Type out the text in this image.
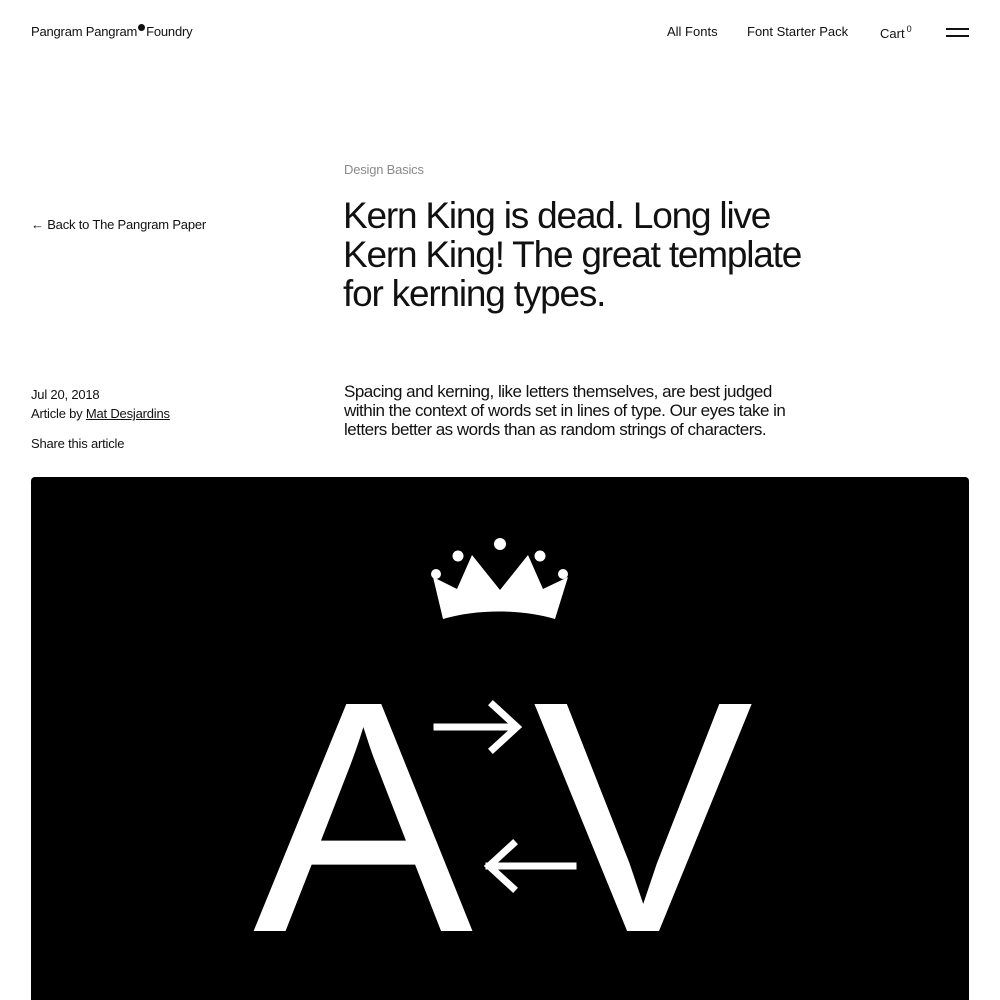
Pangram Pangram Foundry	All Fonts Font Starter Pack Cart $^0$
← Back to The Pangram Paper
Design Basics
Kern King is dead. Long live Kern King! The great template for kerning types.
Jul 20, 2018
Article by Mat Desjardins
Share this article

Spacing and kerning, like letters themselves, are best judged within the context of words set in lines of type. Our eyes take in letters better as words than as random strings of characters.

A V
